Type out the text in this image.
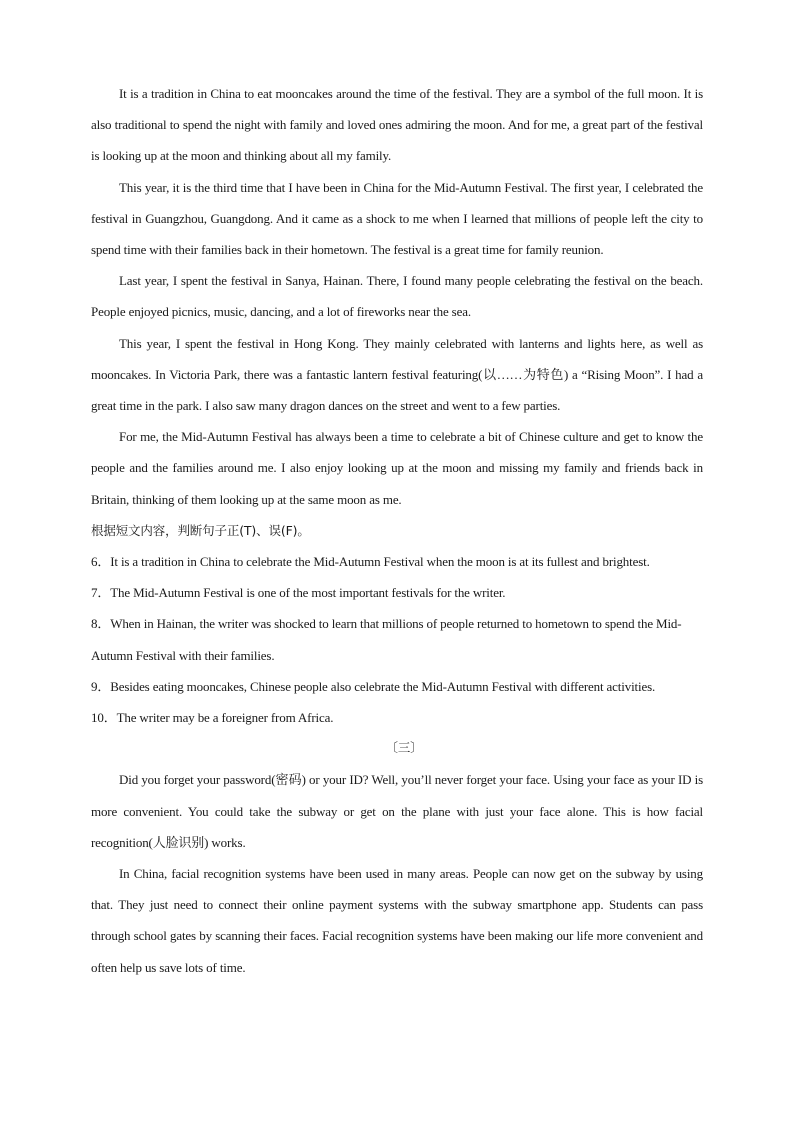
It is a tradition in China to eat mooncakes around the time of the festival. They are a symbol of the full moon. It is also traditional to spend the night with family and loved ones admiring the moon. And for me, a great part of the festival is looking up at the moon and thinking about all my family.

This year, it is the third time that I have been in China for the Mid-Autumn Festival. The first year, I celebrated the festival in Guangzhou, Guangdong. And it came as a shock to me when I learned that millions of people left the city to spend time with their families back in their hometown. The festival is a great time for family reunion.

Last year, I spent the festival in Sanya, Hainan. There, I found many people celebrating the festival on the beach. People enjoyed picnics, music, dancing, and a lot of fireworks near the sea.

This year, I spent the festival in Hong Kong. They mainly celebrated with lanterns and lights here, as well as mooncakes. In Victoria Park, there was a fantastic lantern festival featuring(以……为特色) a “Rising Moon”. I had a great time in the park. I also saw many dragon dances on the street and went to a few parties.

For me, the Mid-Autumn Festival has always been a time to celebrate a bit of Chinese culture and get to know the people and the families around me. I also enjoy looking up at the moon and missing my family and friends back in Britain, thinking of them looking up at the same moon as me.

根据短文内容，判断句子正(T)、误(F)。

6．It is a tradition in China to celebrate the Mid-Autumn Festival when the moon is at its fullest and brightest.

7．The Mid-Autumn Festival is one of the most important festivals for the writer.

8．When in Hainan, the writer was shocked to learn that millions of people returned to hometown to spend the Mid-Autumn Festival with their families.

9．Besides eating mooncakes, Chinese people also celebrate the Mid-Autumn Festival with different activities.

10．The writer may be a foreigner from Africa.

〔三〕

Did you forget your password(密码) or your ID? Well, you’ll never forget your face. Using your face as your ID is more convenient. You could take the subway or get on the plane with just your face alone. This is how facial recognition(人脸识别) works.

In China, facial recognition systems have been used in many areas. People can now get on the subway by using that. They just need to connect their online payment systems with the subway smartphone app. Students can pass through school gates by scanning their faces. Facial recognition systems have been making our life more convenient and often help us save lots of time.
